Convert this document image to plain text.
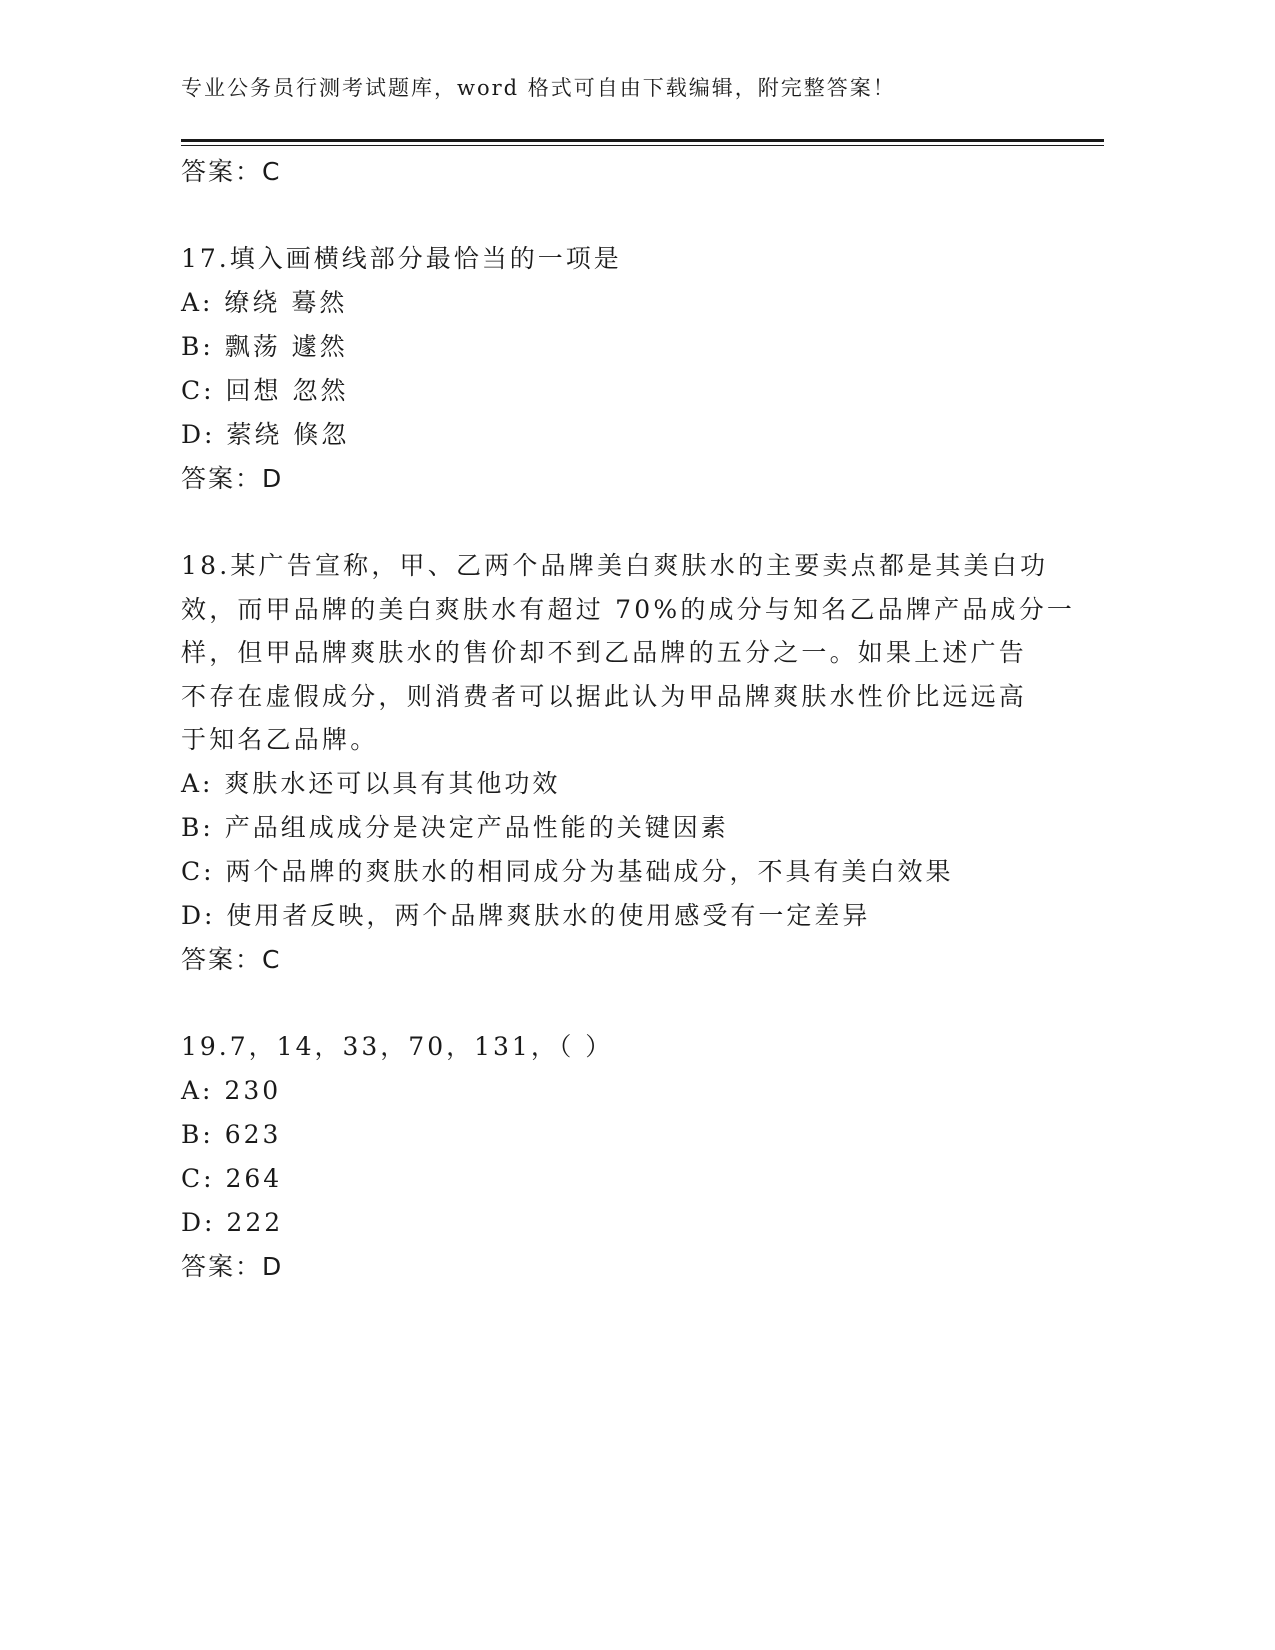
专业公务员行测考试题库，word 格式可自由下载编辑，附完整答案！
答案：C
17.填入画横线部分最恰当的一项是
A: 缭绕 蓦然
B: 飘荡 遽然
C: 回想 忽然
D: 萦绕 倏忽
答案：D
18.某广告宣称，甲、乙两个品牌美白爽肤水的主要卖点都是其美白功
效，而甲品牌的美白爽肤水有超过 70%的成分与知名乙品牌产品成分一
样，但甲品牌爽肤水的售价却不到乙品牌的五分之一。如果上述广告
不存在虚假成分，则消费者可以据此认为甲品牌爽肤水性价比远远高
于知名乙品牌。
A: 爽肤水还可以具有其他功效
B: 产品组成成分是决定产品性能的关键因素
C: 两个品牌的爽肤水的相同成分为基础成分，不具有美白效果
D: 使用者反映，两个品牌爽肤水的使用感受有一定差异
答案：C
19.7，14，33，70，131，（ ）
A: 230
B: 623
C: 264
D: 222
答案：D
